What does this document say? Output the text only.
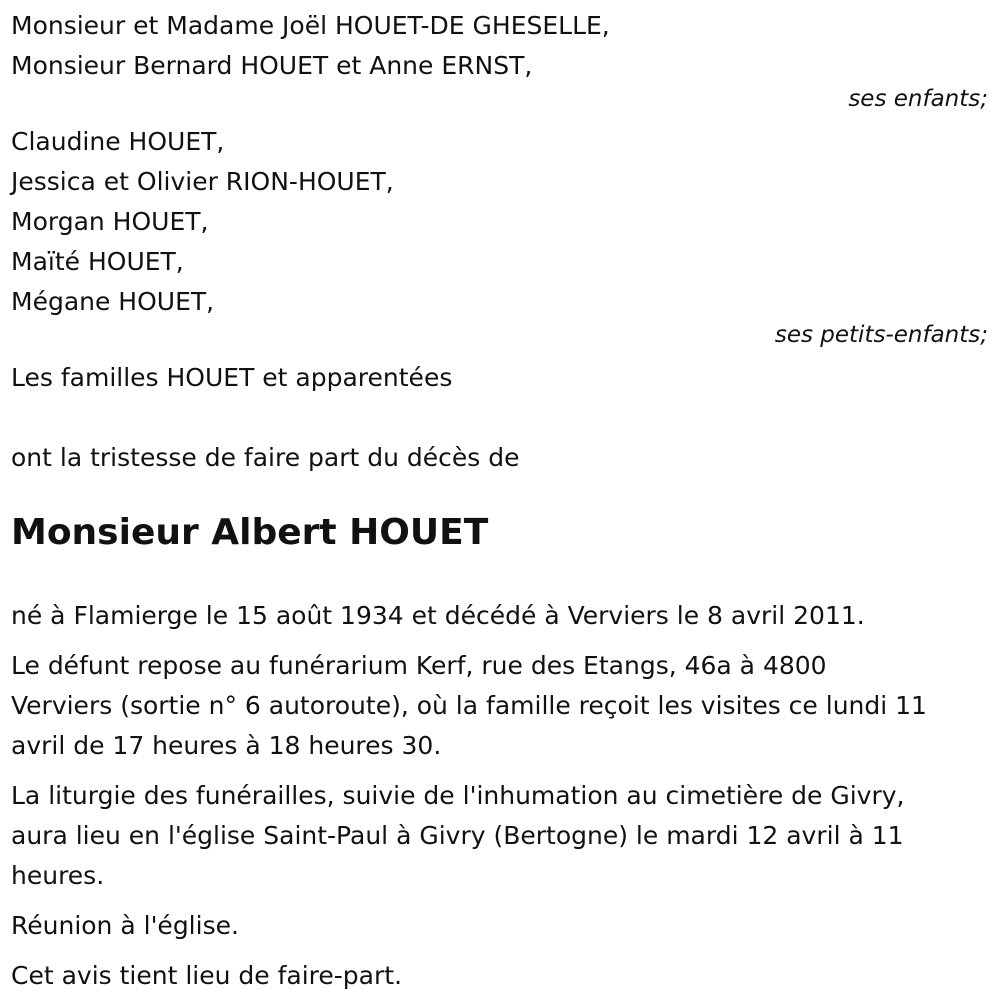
Monsieur et Madame Joël HOUET-DE GHESELLE,
Monsieur Bernard HOUET et Anne ERNST,
ses enfants;
Claudine HOUET,
Jessica et Olivier RION-HOUET,
Morgan HOUET,
Maïté HOUET,
Mégane HOUET,
ses petits-enfants;
Les familles HOUET et apparentées
ont la tristesse de faire part du décès de
Monsieur Albert HOUET
né à Flamierge le 15 août 1934 et décédé à Verviers le 8 avril 2011.
Le défunt repose au funérarium Kerf, rue des Etangs, 46a à 4800
Verviers (sortie n° 6 autoroute), où la famille reçoit les visites ce lundi 11
avril de 17 heures à 18 heures 30.
La liturgie des funérailles, suivie de l'inhumation au cimetière de Givry,
aura lieu en l'église Saint-Paul à Givry (Bertogne) le mardi 12 avril à 11
heures.
Réunion à l'église.
Cet avis tient lieu de faire-part.
